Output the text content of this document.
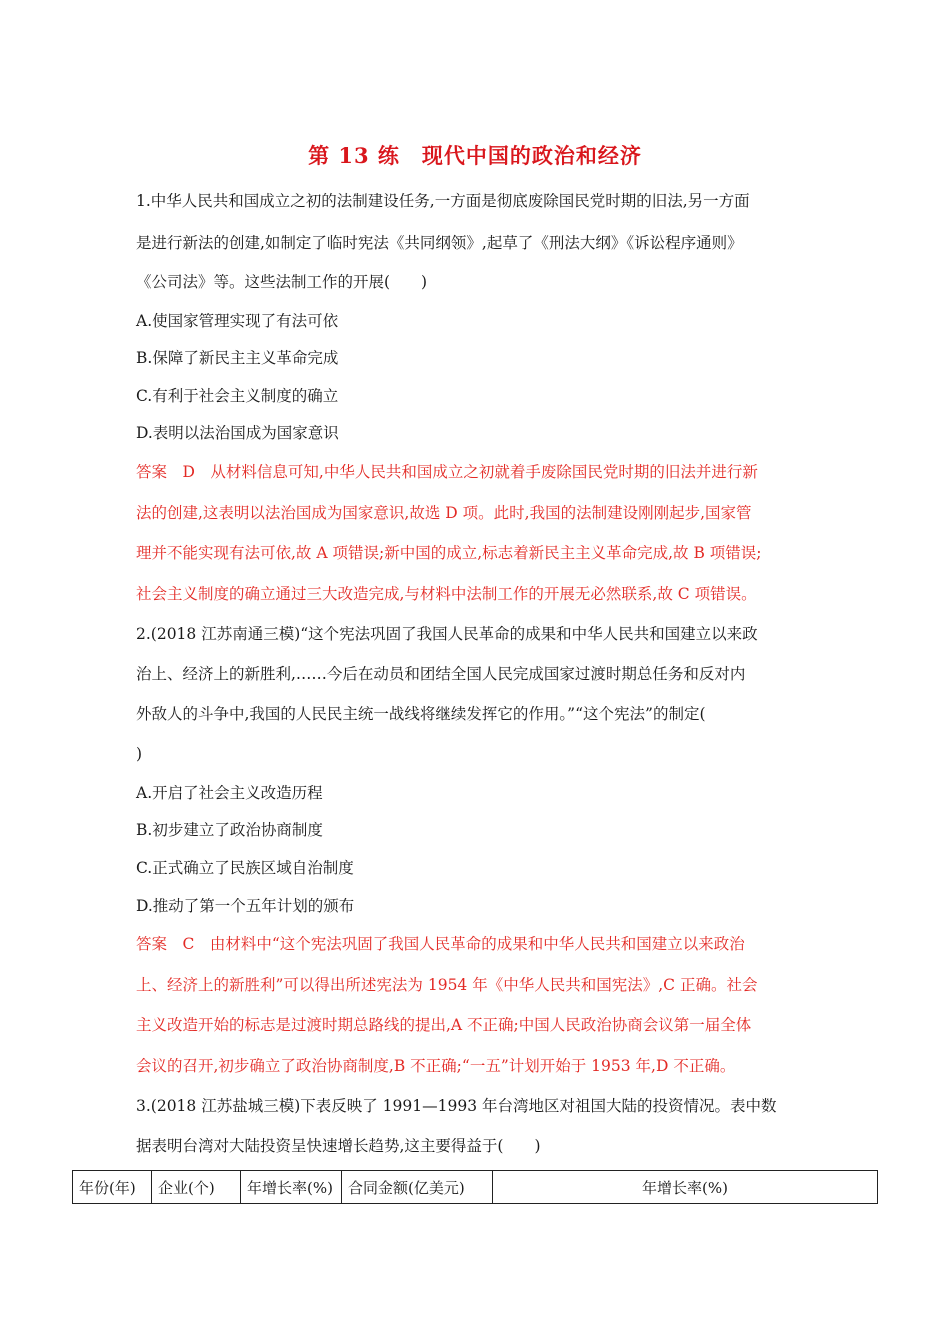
第 13 练　现代中国的政治和经济
1.中华人民共和国成立之初的法制建设任务,一方面是彻底废除国民党时期的旧法,另一方面
是进行新法的创建,如制定了临时宪法《共同纲领》,起草了《刑法大纲》《诉讼程序通则》
《公司法》等。这些法制工作的开展(　　)
A.使国家管理实现了有法可依
B.保障了新民主主义革命完成
C.有利于社会主义制度的确立
D.表明以法治国成为国家意识
答案　D　从材料信息可知,中华人民共和国成立之初就着手废除国民党时期的旧法并进行新
法的创建,这表明以法治国成为国家意识,故选 D 项。此时,我国的法制建设刚刚起步,国家管
理并不能实现有法可依,故 A 项错误;新中国的成立,标志着新民主主义革命完成,故 B 项错误;
社会主义制度的确立通过三大改造完成,与材料中法制工作的开展无必然联系,故 C 项错误。
2.(2018 江苏南通三模)“这个宪法巩固了我国人民革命的成果和中华人民共和国建立以来政
治上、经济上的新胜利,……今后在动员和团结全国人民完成国家过渡时期总任务和反对内
外敌人的斗争中,我国的人民民主统一战线将继续发挥它的作用。”“这个宪法”的制定(
)
A.开启了社会主义改造历程
B.初步建立了政治协商制度
C.正式确立了民族区域自治制度
D.推动了第一个五年计划的颁布
答案　C　由材料中“这个宪法巩固了我国人民革命的成果和中华人民共和国建立以来政治
上、经济上的新胜利”可以得出所述宪法为 1954 年《中华人民共和国宪法》,C 正确。社会
主义改造开始的标志是过渡时期总路线的提出,A 不正确;中国人民政治协商会议第一届全体
会议的召开,初步确立了政治协商制度,B 不正确;“一五”计划开始于 1953 年,D 不正确。
3.(2018 江苏盐城三模)下表反映了 1991—1993 年台湾地区对祖国大陆的投资情况。表中数
据表明台湾对大陆投资呈快速增长趋势,这主要得益于(　　)
年份(年)	企业(个)	年增长率(%)	合同金额(亿美元)	年增长率(%)
